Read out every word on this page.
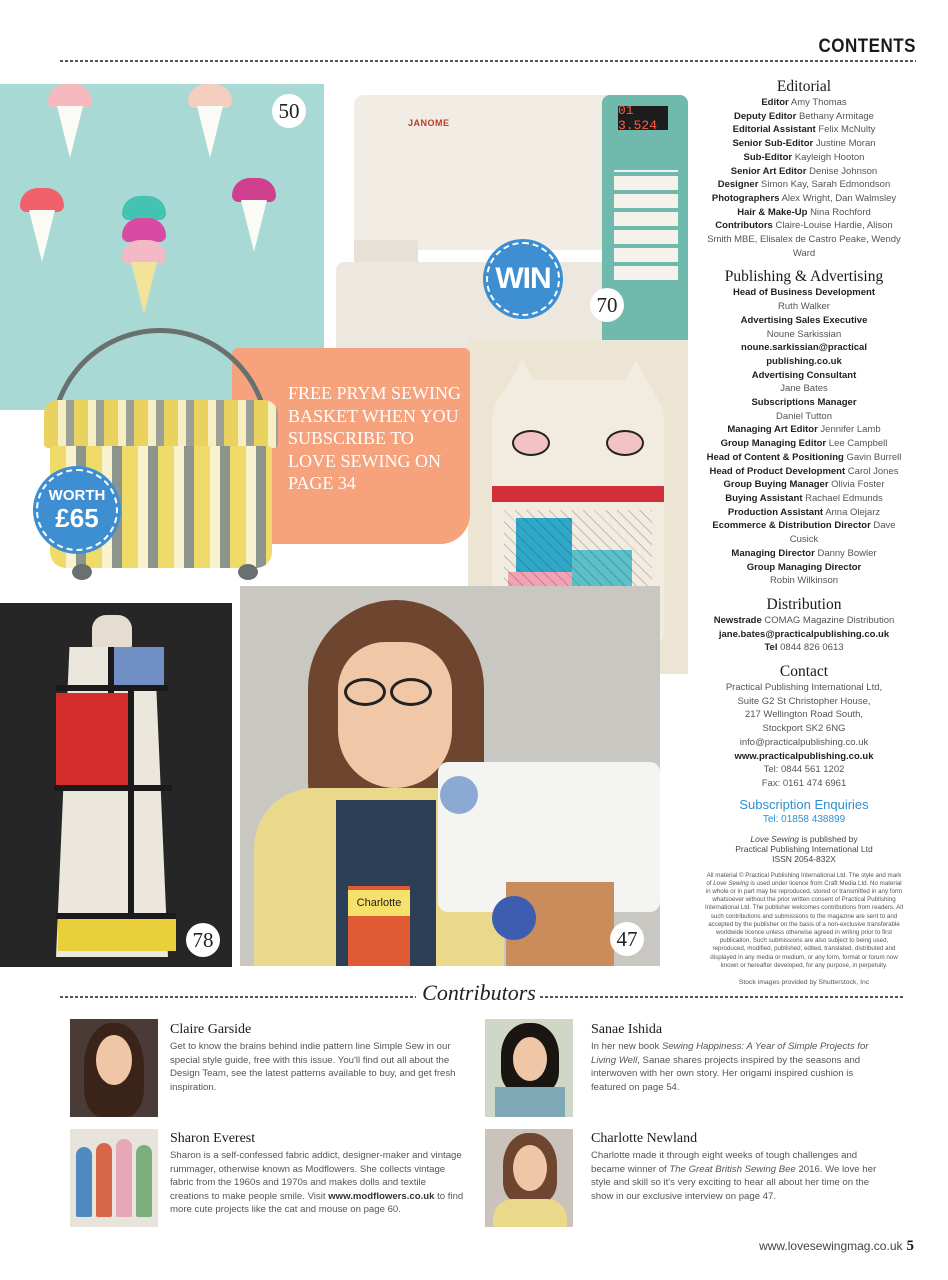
CONTENTS
50	01 3.524
JANOME
WIN
70
FREE PRYM SEWING BASKET WHEN YOU SUBSCRIBE TO LOVE SEWING ON PAGE 34
WORTH
£65
78
Charlotte
47
Editorial
Editor Amy Thomas
Deputy Editor Bethany Armitage
Editorial Assistant Felix McNulty
Senior Sub-Editor Justine Moran
Sub-Editor Kayleigh Hooton
Senior Art Editor Denise Johnson
Designer Simon Kay, Sarah Edmondson
Photographers Alex Wright, Dan Walmsley
Hair & Make-Up Nina Rochford
Contributors Claire-Louise Hardie, Alison Smith MBE, Elisalex de Castro Peake, Wendy Ward
Publishing & Advertising
Head of Business Development
Ruth Walker
Advertising Sales Executive
Noune Sarkissian
noune.sarkissian@practical publishing.co.uk
Advertising Consultant
Jane Bates
Subscriptions Manager
Daniel Tutton
Managing Art Editor Jennifer Lamb
Group Managing Editor Lee Campbell
Head of Content & Positioning Gavin Burrell
Head of Product Development Carol Jones
Group Buying Manager Olivia Foster
Buying Assistant Rachael Edmunds
Production Assistant Anna Olejarz
Ecommerce & Distribution Director Dave Cusick
Managing Director Danny Bowler
Group Managing Director
Robin Wilkinson
Distribution
Newstrade COMAG Magazine Distribution
jane.bates@practicalpublishing.co.uk
Tel 0844 826 0613
Contact
Practical Publishing International Ltd,
Suite G2 St Christopher House,
217 Wellington Road South,
Stockport SK2 6NG
info@practicalpublishing.co.uk
www.practicalpublishing.co.uk
Tel: 0844 561 1202
Fax: 0161 474 6961
Subscription Enquiries
Tel: 01858 438899
Love Sewing is published by
Practical Publishing International Ltd
ISSN 2054-832X
All material © Practical Publishing International Ltd. The style and mark of Love Sewing is used under licence from Craft Media Ltd. No material in whole or in part may be reproduced, stored or transmitted in any form whatsoever without the prior written consent of Practical Publishing International Ltd. The publisher welcomes contributions from readers. All such contributions and submissions to the magazine are sent to and accepted by the publisher on the basis of a non-exclusive transferable worldwide licence unless otherwise agreed in writing prior to first publication. Such submissions are also subject to being used, reproduced, modified, published, edited, translated, distributed and displayed in any media or medium, or any form, format or forum now known or hereafter developed, for any purpose, in perpetuity.
Stock images provided by Shutterstock, Inc
Contributors

Claire Garside

Get to know the brains behind indie pattern line Simple Sew in our special style guide, free with this issue. You'll find out all about the Design Team, see the latest patterns available to buy, and get fresh inspiration.

Sanae Ishida

In her new book Sewing Happiness: A Year of Simple Projects for Living Well, Sanae shares projects inspired by the seasons and interwoven with her own story. Her origami inspired cushion is featured on page 54.

Sharon Everest

Sharon is a self-confessed fabric addict, designer-maker and vintage rummager, otherwise known as Modflowers. She collects vintage fabric from the 1960s and 1970s and makes dolls and textile creations to make people smile. Visit www.modflowers.co.uk to find more cute projects like the cat and mouse on page 60.

Charlotte Newland

Charlotte made it through eight weeks of tough challenges and became winner of The Great British Sewing Bee 2016. We love her style and skill so it's very exciting to hear all about her time on the show in our exclusive interview on page 47.

www.lovesewingmag.co.uk 5
